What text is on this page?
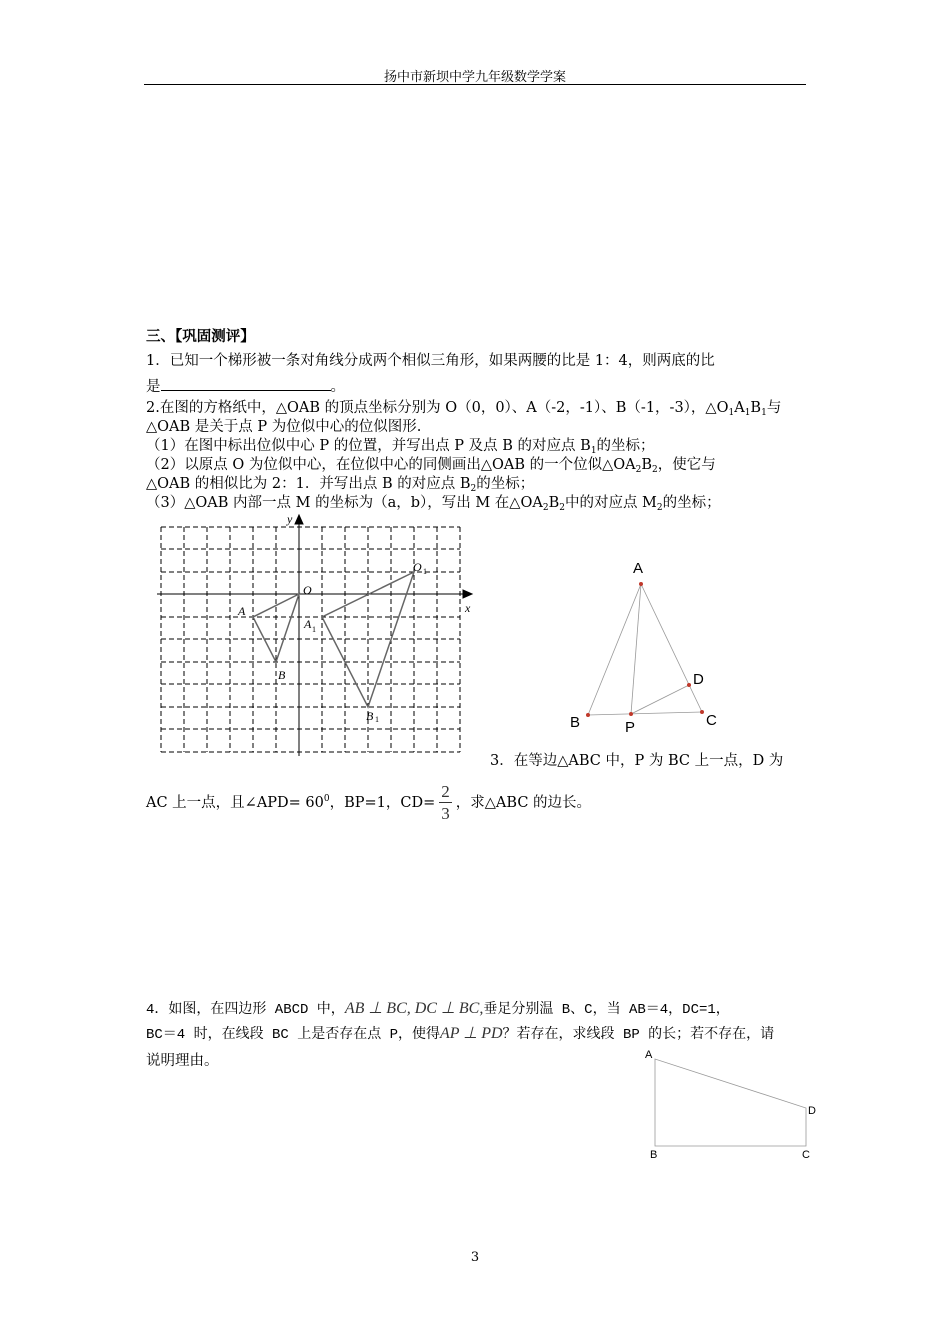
扬中市新坝中学九年级数学学案
三、【巩固测评】
1．已知一个梯形被一条对角线分成两个相似三角形，如果两腰的比是 1：4，则两底的比
是	。
2.在图的方格纸中，△OAB 的顶点坐标分别为 O（0，0）、A（-2，-1）、B（-1，-3），$\triangle O_1A_1B_1$与
△OAB 是关于点 P 为位似中心的位似图形.
（1）在图中标出位似中心 P 的位置，并写出点 P 及点 B 的对应点 $B_1$的坐标；
（2）以原点 O 为位似中心，在位似中心的同侧画出△OAB 的一个位似$\triangle OA_2B_2$，使它与
△OAB 的相似比为 2：1．并写出点 B 的对应点 $B_2$的坐标；
（3）△OAB 内部一点 M 的坐标为（a，b），写出 M 在$\triangle OA_2B_2$中的对应点 $M_2$的坐标；
y
x
O
O 1
A
A 1
B
B 1
A
B	C
D
P
3．在等边△ABC 中，P 为 BC 上一点，D 为
AC 上一点，且∠APD= $60^0$，BP=1，$CD= \frac{2}{3}$ ，求△ABC 的边长。
4．如图，在四边形 ABCD 中，AB ⊥ BC, DC ⊥ BC,垂足分别温 B、C，当 AB＝4，DC=1，
BC＝4 时，在线段 BC 上是否存在点 P，使得AP ⊥ PD？若存在，求线段 BP 的长；若不存在，请
说明理由。	A
B	C
D
3
